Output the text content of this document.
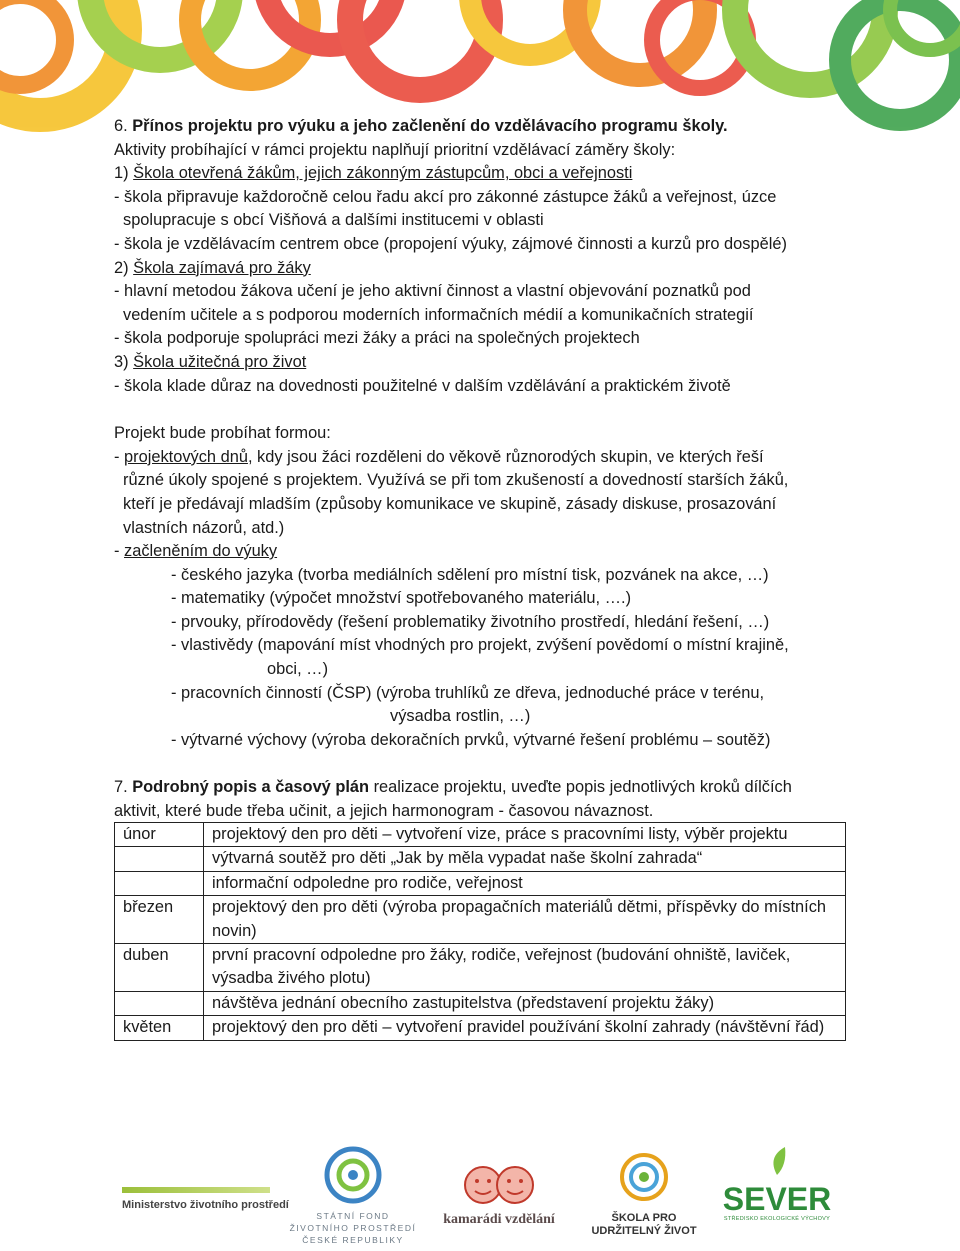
6. Přínos projektu pro výuku a jeho začlenění do vzdělávacího programu školy.
Aktivity probíhající v rámci projektu naplňují prioritní vzdělávací záměry školy:
1) Škola otevřená žákům, jejich zákonným zástupcům, obci a veřejnosti
- škola připravuje každoročně celou řadu akcí pro zákonné zástupce žáků a veřejnost, úzce
spolupracuje s obcí Višňová a dalšími institucemi v oblasti
- škola je vzdělávacím centrem obce (propojení výuky, zájmové činnosti a kurzů pro dospělé)
2) Škola zajímavá pro žáky
- hlavní metodou žákova učení je jeho aktivní činnost a vlastní objevování poznatků pod
vedením učitele a s podporou moderních informačních médií a komunikačních strategií
- škola podporuje spolupráci mezi žáky a práci na společných projektech
3) Škola užitečná pro život
- škola klade důraz na dovednosti použitelné v dalším vzdělávání a praktickém životě
Projekt bude probíhat formou:
- projektových dnů, kdy jsou žáci rozděleni do věkově různorodých skupin, ve kterých řeší
různé úkoly spojené s projektem. Využívá se při tom zkušeností a dovedností starších žáků,
kteří je předávají mladším (způsoby komunikace ve skupině, zásady diskuse, prosazování
vlastních názorů, atd.)
- začleněním do výuky
- českého jazyka (tvorba mediálních sdělení pro místní tisk, pozvánek na akce, …)
- matematiky (výpočet množství spotřebovaného materiálu, ….)
- prvouky, přírodovědy (řešení problematiky životního prostředí, hledání řešení, …)
- vlastivědy (mapování míst vhodných pro projekt, zvýšení povědomí o místní krajině,
obci, …)
- pracovních činností (ČSP) (výroba truhlíků ze dřeva, jednoduché práce v terénu,
výsadba rostlin, …)
- výtvarné výchovy (výroba dekoračních prvků, výtvarné řešení problému – soutěž)
7. Podrobný popis a časový plán realizace projektu, uveďte popis jednotlivých kroků dílčích
aktivit, které bude třeba učinit, a jejich harmonogram - časovou návaznost.
únor	projektový den pro děti – vytvoření vize, práce s pracovními listy, výběr projektu
	výtvarná soutěž pro děti „Jak by měla vypadat naše školní zahrada“
	informační odpoledne pro rodiče, veřejnost
březen	projektový den pro děti (výroba propagačních materiálů dětmi, příspěvky do místních novin)
duben	první pracovní odpoledne pro žáky, rodiče, veřejnost (budování ohniště, laviček, výsadba živého plotu)
	návštěva jednání obecního zastupitelstva (představení projektu žáky)
květen	projektový den pro děti – vytvoření pravidel používání školní zahrady (návštěvní řád)
Ministerstvo životního prostředí
STÁTNÍ FOND
ŽIVOTNÍHO PROSTŘEDÍ
ČESKÉ REPUBLIKY
kamarádi vzdělání	ŠKOLA PRO
UDRŽITELNÝ ŽIVOT
SEVER
STŘEDISKO EKOLOGICKÉ VÝCHOVY
